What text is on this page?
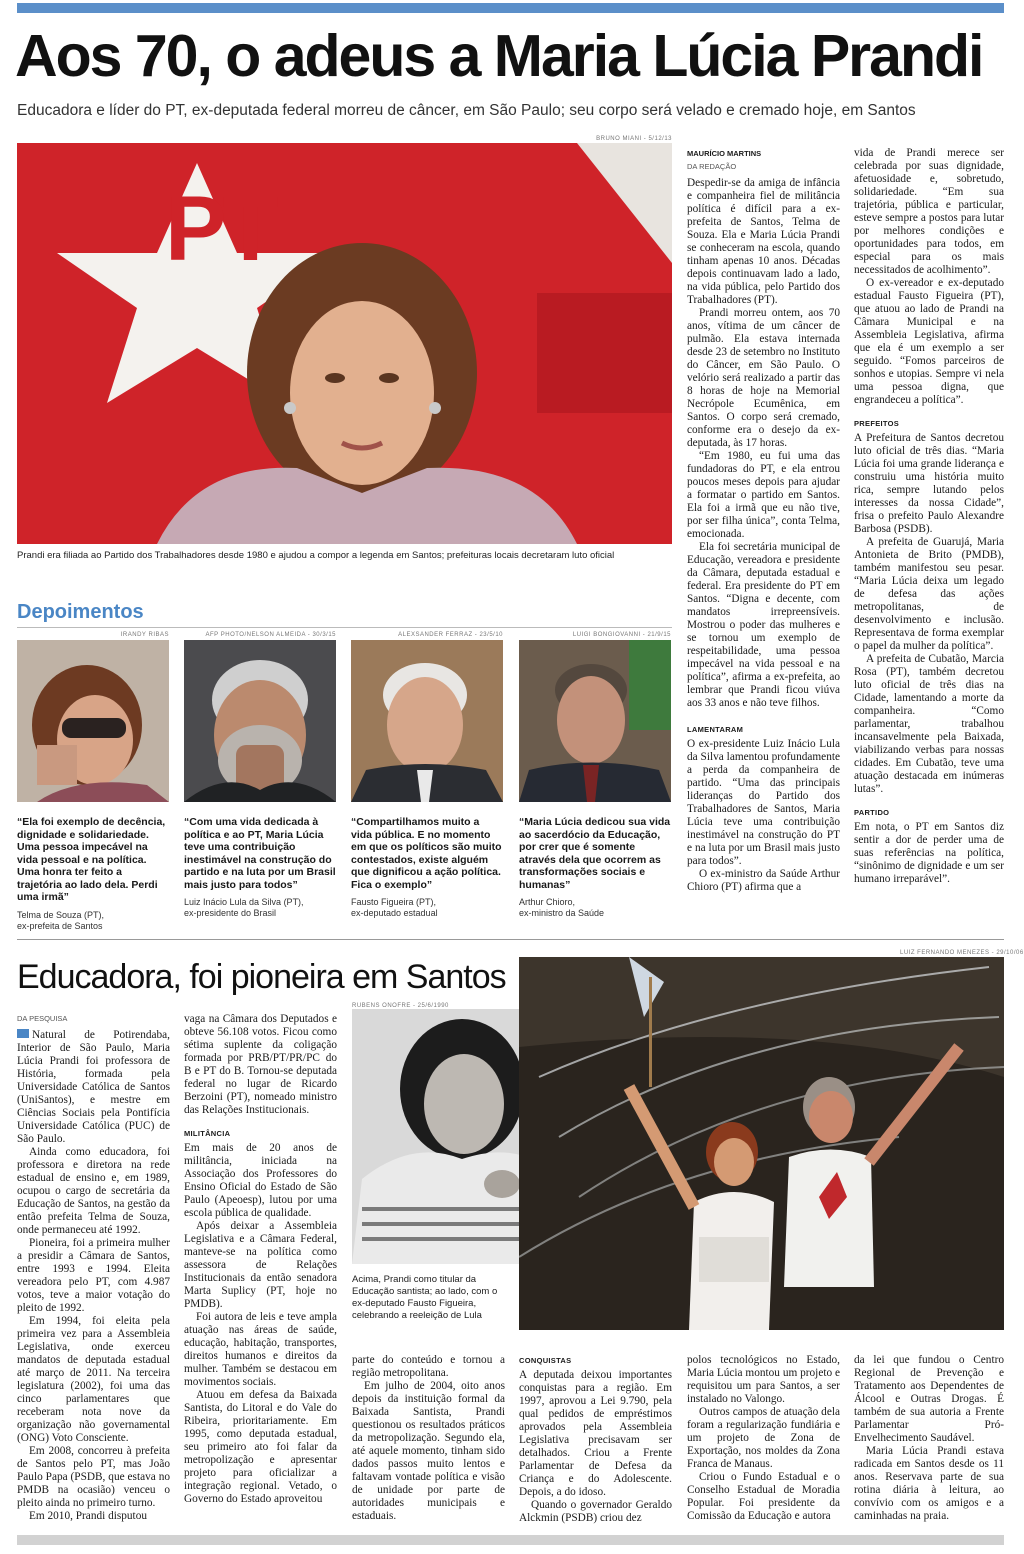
Aos 70, o adeus a Maria Lúcia Prandi
Educadora e líder do PT, ex-deputada federal morreu de câncer, em São Paulo; seu corpo será velado e cremado hoje, em Santos
BRUNO MIANI - 5/12/13
PT
Prandi era filiada ao Partido dos Trabalhadores desde 1980 e ajudou a compor a legenda em Santos; prefeituras locais decretaram luto oficial
Depoimentos
IRANDY RIBAS
“Ela foi exemplo de decência, dignidade e solidariedade. Uma pessoa impecável na vida pessoal e na política. Uma honra ter feito a trajetória ao lado dela. Perdi uma irmã”
Telma de Souza (PT),
ex-prefeita de Santos
AFP PHOTO/NELSON ALMEIDA - 30/3/15
“Com uma vida dedicada à política e ao PT, Maria Lúcia teve uma contribuição inestimável na construção do partido e na luta por um Brasil mais justo para todos”
Luiz Inácio Lula da Silva (PT),
ex-presidente do Brasil
ALEXSANDER FERRAZ - 23/5/10
“Compartilhamos muito a vida pública. E no momento em que os políticos são muito contestados, existe alguém que dignificou a ação política. Fica o exemplo”
Fausto Figueira (PT),
ex-deputado estadual
LUIGI BONGIOVANNI - 21/9/15
“Maria Lúcia dedicou sua vida ao sacerdócio da Educação, por crer que é somente através dela que ocorrem as transformações sociais e humanas”
Arthur Chioro,
ex-ministro da Saúde
MAURÍCIO MARTINS
DA REDAÇÃO

Despedir-se da amiga de infância e companheira fiel de militância política é difícil para a ex-prefeita de Santos, Telma de Souza. Ela e Maria Lúcia Prandi se conheceram na escola, quando tinham apenas 10 anos. Décadas depois continuavam lado a lado, na vida pública, pelo Partido dos Trabalhadores (PT).

Prandi morreu ontem, aos 70 anos, vítima de um câncer de pulmão. Ela estava internada desde 23 de setembro no Instituto do Câncer, em São Paulo. O velório será realizado a partir das 8 horas de hoje na Memorial Necrópole Ecumênica, em Santos. O corpo será cremado, conforme era o desejo da ex-deputada, às 17 horas.

“Em 1980, eu fui uma das fundadoras do PT, e ela entrou poucos meses depois para ajudar a formatar o partido em Santos. Ela foi a irmã que eu não tive, por ser filha única”, conta Telma, emocionada.

Ela foi secretária municipal de Educação, vereadora e presidente da Câmara, deputada estadual e federal. Era presidente do PT em Santos. “Digna e decente, com mandatos irrepreensíveis. Mostrou o poder das mulheres e se tornou um exemplo de respeitabilidade, uma pessoa impecável na vida pessoal e na política”, afirma a ex-prefeita, ao lembrar que Prandi ficou viúva aos 33 anos e não teve filhos.

LAMENTARAM

O ex-presidente Luiz Inácio Lula da Silva lamentou profundamente a perda da companheira de partido. “Uma das principais lideranças do Partido dos Trabalhadores de Santos, Maria Lúcia teve uma contribuição inestimável na construção do PT e na luta por um Brasil mais justo para todos”.

O ex-ministro da Saúde Arthur Chioro (PT) afirma que a

vida de Prandi merece ser celebrada por suas dignidade, afetuosidade e, sobretudo, solidariedade. “Em sua trajetória, pública e particular, esteve sempre a postos para lutar por melhores condições e oportunidades para todos, em especial para os mais necessitados de acolhimento”.

O ex-vereador e ex-deputado estadual Fausto Figueira (PT), que atuou ao lado de Prandi na Câmara Municipal e na Assembleia Legislativa, afirma que ela é um exemplo a ser seguido. “Fomos parceiros de sonhos e utopias. Sempre vi nela uma pessoa digna, que engrandeceu a política”.

PREFEITOS

A Prefeitura de Santos decretou luto oficial de três dias. “Maria Lúcia foi uma grande liderança e construiu uma história muito rica, sempre lutando pelos interesses da nossa Cidade”, frisa o prefeito Paulo Alexandre Barbosa (PSDB).

A prefeita de Guarujá, Maria Antonieta de Brito (PMDB), também manifestou seu pesar. “Maria Lúcia deixa um legado de defesa das ações metropolitanas, de desenvolvimento e inclusão. Representava de forma exemplar o papel da mulher da política”.

A prefeita de Cubatão, Marcia Rosa (PT), também decretou luto oficial de três dias na Cidade, lamentando a morte da companheira. “Como parlamentar, trabalhou incansavelmente pela Baixada, viabilizando verbas para nossas cidades. Em Cubatão, teve uma atuação destacada em inúmeras lutas”.

PARTIDO

Em nota, o PT em Santos diz sentir a dor de perder uma de suas referências na política, “sinônimo de dignidade e um ser humano irreparável”.

Educadora, foi pioneira em Santos
DA PESQUISA

Natural de Potirendaba, Interior de São Paulo, Maria Lúcia Prandi foi professora de História, formada pela Universidade Católica de Santos (UniSantos), e mestre em Ciências Sociais pela Pontifícia Universidade Católica (PUC) de São Paulo.

Ainda como educadora, foi professora e diretora na rede estadual de ensino e, em 1989, ocupou o cargo de secretária da Educação de Santos, na gestão da então prefeita Telma de Souza, onde permaneceu até 1992.

Pioneira, foi a primeira mulher a presidir a Câmara de Santos, entre 1993 e 1994. Eleita vereadora pelo PT, com 4.987 votos, teve a maior votação do pleito de 1992.

Em 1994, foi eleita pela primeira vez para a Assembleia Legislativa, onde exerceu mandatos de deputada estadual até março de 2011. Na terceira legislatura (2002), foi uma das cinco parlamentares que receberam nota nove da organização não governamental (ONG) Voto Consciente.

Em 2008, concorreu à prefeita de Santos pelo PT, mas João Paulo Papa (PSDB, que estava no PMDB na ocasião) venceu o pleito ainda no primeiro turno.

Em 2010, Prandi disputou

vaga na Câmara dos Deputados e obteve 56.108 votos. Ficou como sétima suplente da coligação formada por PRB/PT/PR/PC do B e PT do B. Tornou-se deputada federal no lugar de Ricardo Berzoini (PT), nomeado ministro das Relações Institucionais.

MILITÂNCIA

Em mais de 20 anos de militância, iniciada na Associação dos Professores do Ensino Oficial do Estado de São Paulo (Apeoesp), lutou por uma escola pública de qualidade.

Após deixar a Assembleia Legislativa e a Câmara Federal, manteve-se na política como assessora de Relações Institucionais da então senadora Marta Suplicy (PT, hoje no PMDB).

Foi autora de leis e teve ampla atuação nas áreas de saúde, educação, habitação, transportes, direitos humanos e direitos da mulher. Também se destacou em movimentos sociais.

Atuou em defesa da Baixada Santista, do Litoral e do Vale do Ribeira, prioritariamente. Em 1995, como deputada estadual, seu primeiro ato foi falar da metropolização e apresentar projeto para oficializar a integração regional. Vetado, o Governo do Estado aproveitou

RUBENS ONOFRE - 25/6/1990
Acima, Prandi como titular da Educação santista; ao lado, com o ex-deputado Fausto Figueira, celebrando a reeleição de Lula
LUIZ FERNANDO MENEZES - 29/10/06

parte do conteúdo e tornou a região metropolitana.

Em julho de 2004, oito anos depois da instituição formal da Baixada Santista, Prandi questionou os resultados práticos da metropolização. Segundo ela, até aquele momento, tinham sido dados passos muito lentos e faltavam vontade política e visão de unidade por parte de autoridades municipais e estaduais.

CONQUISTAS

A deputada deixou importantes conquistas para a região. Em 1997, aprovou a Lei 9.790, pela qual pedidos de empréstimos aprovados pela Assembleia Legislativa precisavam ser detalhados. Criou a Frente Parlamentar de Defesa da Criança e do Adolescente. Depois, a do idoso.

Quando o governador Geraldo Alckmin (PSDB) criou dez

polos tecnológicos no Estado, Maria Lúcia montou um projeto e requisitou um para Santos, a ser instalado no Valongo.

Outros campos de atuação dela foram a regularização fundiária e um projeto de Zona de Exportação, nos moldes da Zona Franca de Manaus.

Criou o Fundo Estadual e o Conselho Estadual de Moradia Popular. Foi presidente da Comissão da Educação e autora

da lei que fundou o Centro Regional de Prevenção e Tratamento aos Dependentes de Álcool e Outras Drogas. É também de sua autoria a Frente Parlamentar Pró-Envelhecimento Saudável.

Maria Lúcia Prandi estava radicada em Santos desde os 11 anos. Reservava parte de sua rotina diária à leitura, ao convívio com os amigos e a caminhadas na praia.
